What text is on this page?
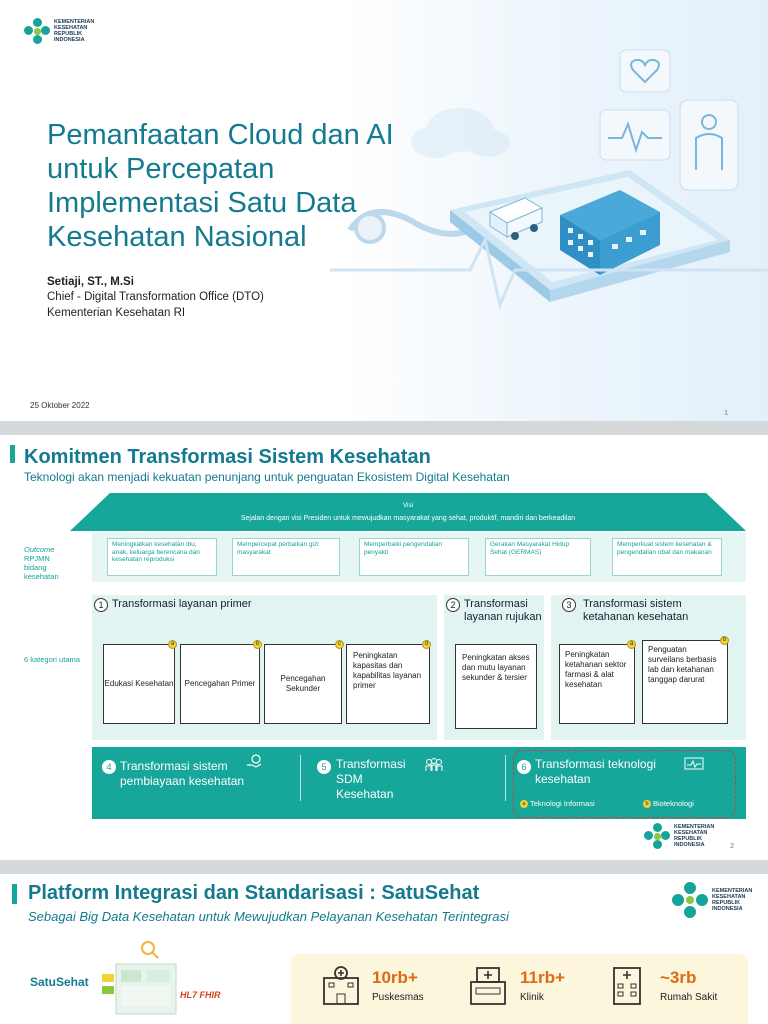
KEMENTERIAN
KESEHATAN
REPUBLIK
INDONESIA
Pemanfaatan Cloud dan AI untuk Percepatan Implementasi Satu Data Kesehatan Nasional
Setiaji, ST., M.Si
Chief - Digital Transformation Office (DTO)
Kementerian Kesehatan RI
25 Oktober 2022
1
Komitmen Transformasi Sistem Kesehatan
Teknologi akan menjadi kekuatan penunjang untuk penguatan Ekosistem Digital Kesehatan
Visi
Sejalan dengan visi Presiden untuk mewujudkan masyarakat yang sehat, produktif, mandiri dan berkeadilan
Outcome
RPJMN bidang kesehatan
6 kategori utama
Meningkatkan kesehatan ibu, anak, keluarga berencana dan kesehatan reproduksi
Mempercepat perbaikan gizi masyarakat
Memperbaiki pengendalian penyakit
Gerakan Masyarakat Hidup Sehat (GERMAS)
Memperkuat sistem kesehatan & pengendalian obat dan makanan
1 Transformasi layanan primer
Edukasi Kesehatan
a
Pencegahan Primer
b
Pencegahan Sekunder
c
Peningkatan kapasitas dan kapabilitas layanan primer
d
2 Transformasi layanan rujukan
Peningkatan akses dan mutu layanan sekunder & tersier
3	Transformasi sistem ketahanan kesehatan
Peningkatan ketahanan sektor farmasi & alat kesehatan
a
Penguatan surveilans berbasis lab dan ketahanan tanggap darurat
b
4 Transformasi sistem pembiayaan kesehatan
5 Transformasi SDM Kesehatan
6 Transformasi teknologi kesehatan
a Teknologi Informasi	b Bioteknologi
KEMENTERIAN
KESEHATAN
REPUBLIK
INDONESIA	2
Platform Integrasi dan Standarisasi : SatuSehat
Sebagai Big Data Kesehatan untuk Mewujudkan Pelayanan Kesehatan Terintegrasi
KEMENTERIAN
KESEHATAN
REPUBLIK
INDONESIA
SatuSehat
HL7 FHIR
10rb+
Puskesmas
11rb+
Klinik
~3rb
Rumah Sakit
